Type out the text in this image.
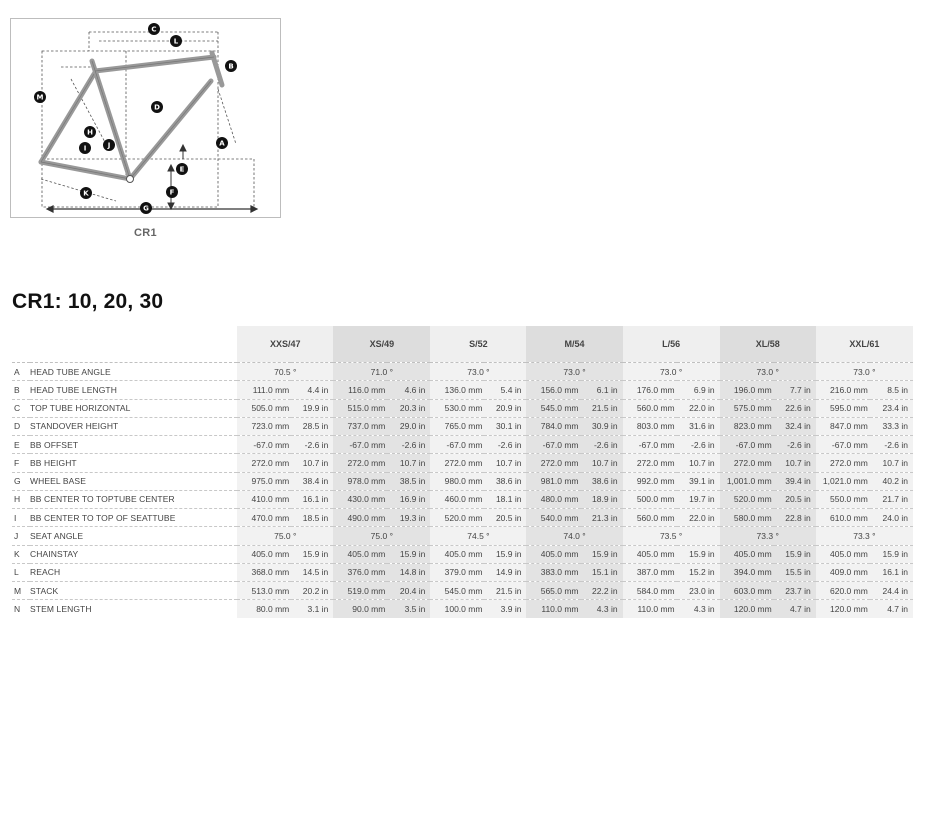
A
B
C
D
E
F
G
H
I	J
K
L
M
CR1
CR1: 10, 20, 30
		XXS/47		XS/49		S/52		M/54		L/56		XL/58		XXL/61	
A	HEAD TUBE ANGLE	70.5 °		71.0 °		73.0 °		73.0 °		73.0 °		73.0 °		73.0 °	
B	HEAD TUBE LENGTH	111.0 mm	4.4 in	116.0 mm	4.6 in	136.0 mm	5.4 in	156.0 mm	6.1 in	176.0 mm	6.9 in	196.0 mm	7.7 in	216.0 mm	8.5 in
C	TOP TUBE HORIZONTAL	505.0 mm	19.9 in	515.0 mm	20.3 in	530.0 mm	20.9 in	545.0 mm	21.5 in	560.0 mm	22.0 in	575.0 mm	22.6 in	595.0 mm	23.4 in
D	STANDOVER HEIGHT	723.0 mm	28.5 in	737.0 mm	29.0 in	765.0 mm	30.1 in	784.0 mm	30.9 in	803.0 mm	31.6 in	823.0 mm	32.4 in	847.0 mm	33.3 in
E	BB OFFSET	-67.0 mm	-2.6 in	-67.0 mm	-2.6 in	-67.0 mm	-2.6 in	-67.0 mm	-2.6 in	-67.0 mm	-2.6 in	-67.0 mm	-2.6 in	-67.0 mm	-2.6 in
F	BB HEIGHT	272.0 mm	10.7 in	272.0 mm	10.7 in	272.0 mm	10.7 in	272.0 mm	10.7 in	272.0 mm	10.7 in	272.0 mm	10.7 in	272.0 mm	10.7 in
G	WHEEL BASE	975.0 mm	38.4 in	978.0 mm	38.5 in	980.0 mm	38.6 in	981.0 mm	38.6 in	992.0 mm	39.1 in	1,001.0 mm	39.4 in	1,021.0 mm	40.2 in
H	BB CENTER TO TOPTUBE CENTER	410.0 mm	16.1 in	430.0 mm	16.9 in	460.0 mm	18.1 in	480.0 mm	18.9 in	500.0 mm	19.7 in	520.0 mm	20.5 in	550.0 mm	21.7 in
I	BB CENTER TO TOP OF SEATTUBE	470.0 mm	18.5 in	490.0 mm	19.3 in	520.0 mm	20.5 in	540.0 mm	21.3 in	560.0 mm	22.0 in	580.0 mm	22.8 in	610.0 mm	24.0 in
J	SEAT ANGLE	75.0 °		75.0 °		74.5 °		74.0 °		73.5 °		73.3 °		73.3 °	
K	CHAINSTAY	405.0 mm	15.9 in	405.0 mm	15.9 in	405.0 mm	15.9 in	405.0 mm	15.9 in	405.0 mm	15.9 in	405.0 mm	15.9 in	405.0 mm	15.9 in
L	REACH	368.0 mm	14.5 in	376.0 mm	14.8 in	379.0 mm	14.9 in	383.0 mm	15.1 in	387.0 mm	15.2 in	394.0 mm	15.5 in	409.0 mm	16.1 in
M	STACK	513.0 mm	20.2 in	519.0 mm	20.4 in	545.0 mm	21.5 in	565.0 mm	22.2 in	584.0 mm	23.0 in	603.0 mm	23.7 in	620.0 mm	24.4 in
N	STEM LENGTH	80.0 mm	3.1 in	90.0 mm	3.5 in	100.0 mm	3.9 in	110.0 mm	4.3 in	110.0 mm	4.3 in	120.0 mm	4.7 in	120.0 mm	4.7 in
